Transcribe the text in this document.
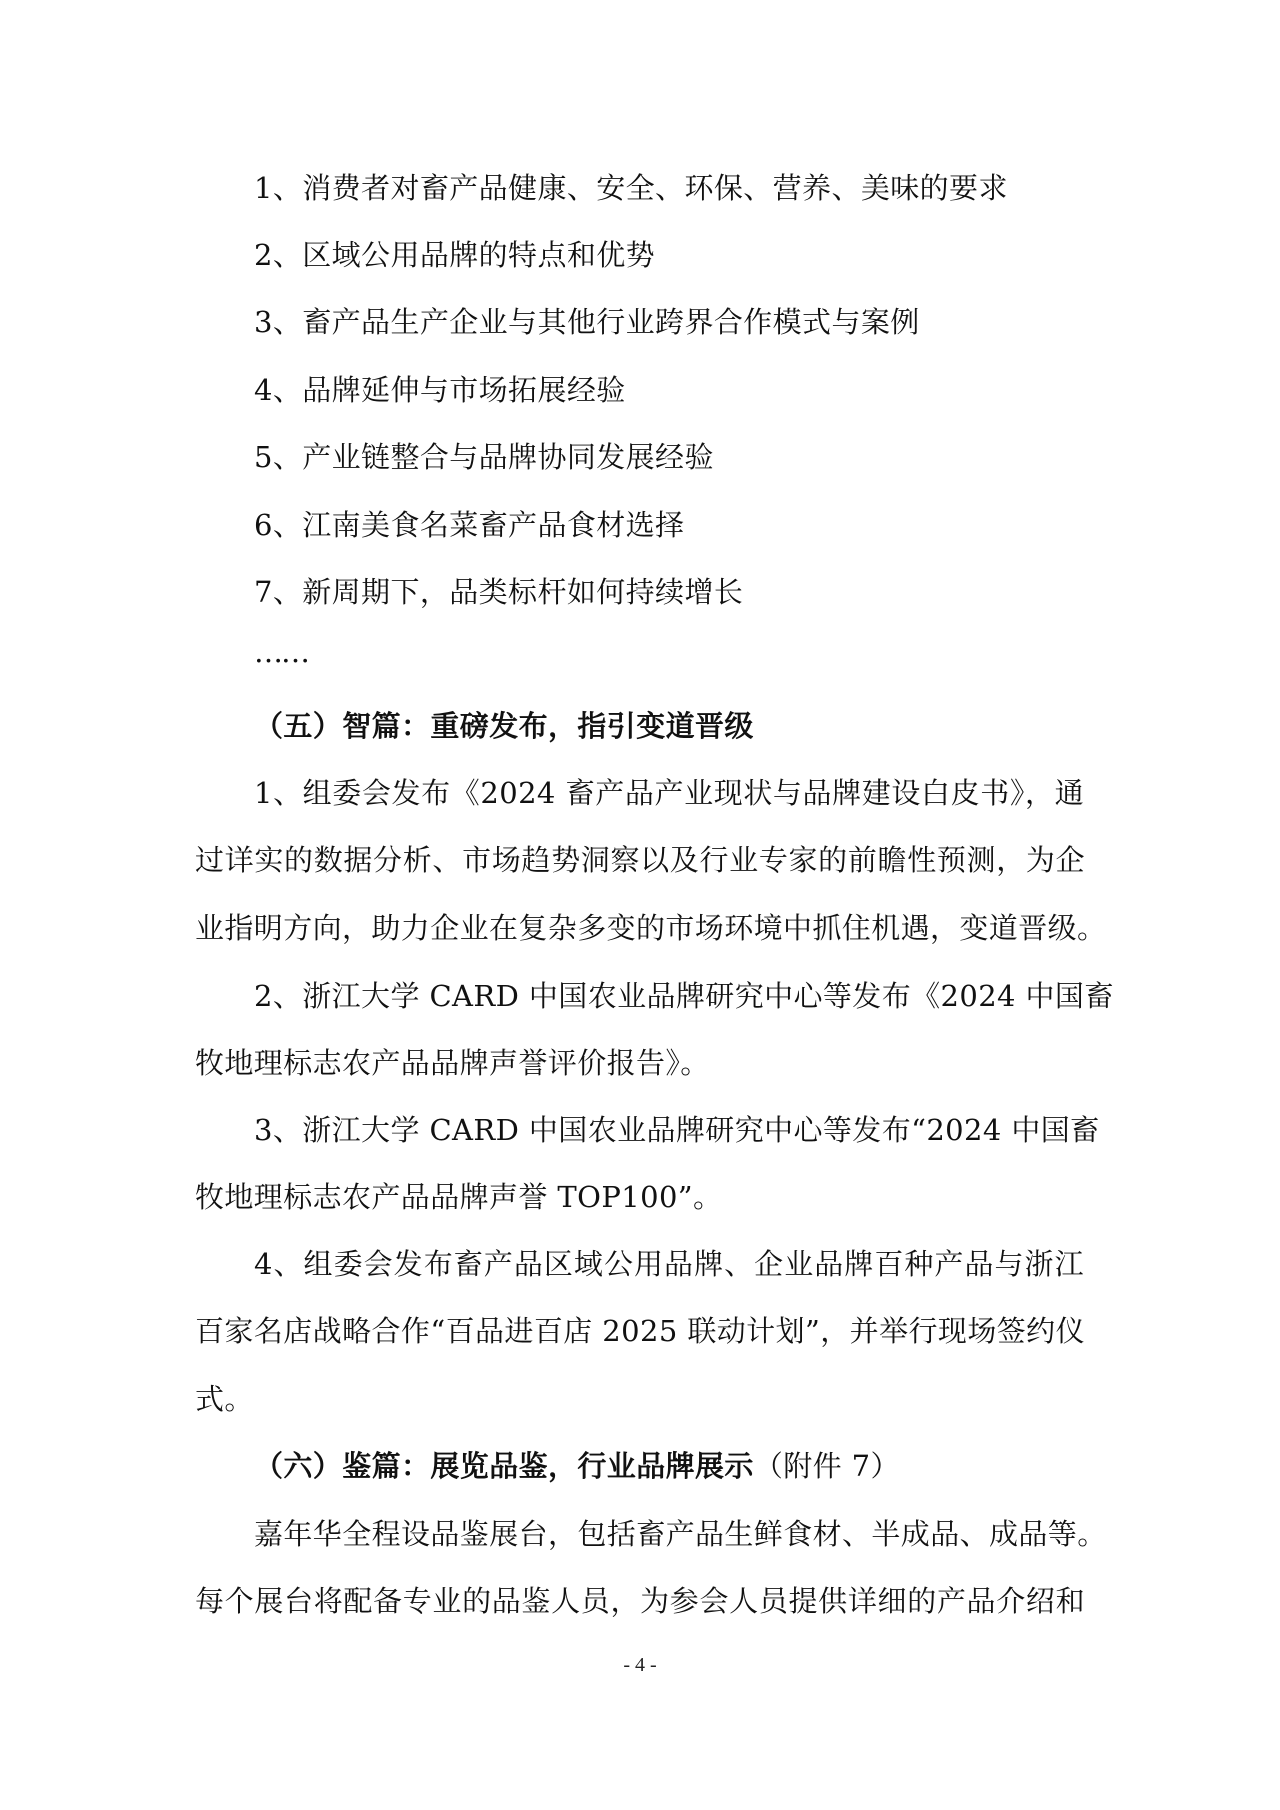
1、消费者对畜产品健康、安全、环保、营养、美味的要求
2、区域公用品牌的特点和优势
3、畜产品生产企业与其他行业跨界合作模式与案例
4、品牌延伸与市场拓展经验
5、产业链整合与品牌协同发展经验
6、江南美食名菜畜产品食材选择
7、新周期下，品类标杆如何持续增长
……
（五）智篇：重磅发布，指引变道晋级
1、组委会发布《2024 畜产品产业现状与品牌建设白皮书》，通
过详实的数据分析、市场趋势洞察以及行业专家的前瞻性预测，为企
业指明方向，助力企业在复杂多变的市场环境中抓住机遇，变道晋级。
2、浙江大学 CARD 中国农业品牌研究中心等发布《2024 中国畜
牧地理标志农产品品牌声誉评价报告》。
3、浙江大学 CARD 中国农业品牌研究中心等发布“2024 中国畜
牧地理标志农产品品牌声誉 TOP100”。
4、组委会发布畜产品区域公用品牌、企业品牌百种产品与浙江
百家名店战略合作“百品进百店 2025 联动计划”，并举行现场签约仪
式。
（六）鉴篇：展览品鉴，行业品牌展示（附件 7）
嘉年华全程设品鉴展台，包括畜产品生鲜食材、半成品、成品等。
每个展台将配备专业的品鉴人员，为参会人员提供详细的产品介绍和
- 4 -
